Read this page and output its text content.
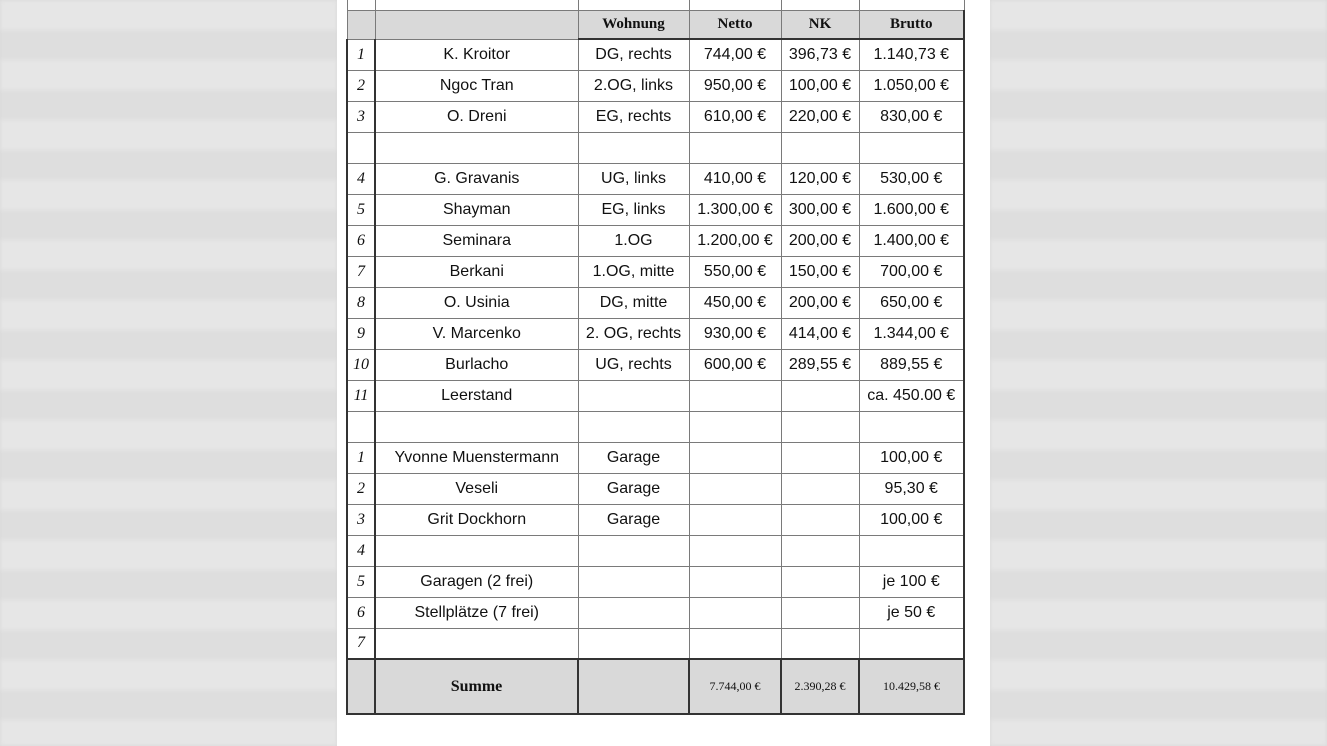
		Wohnung	Netto	NK	Brutto
1	K. Kroitor	DG, rechts	744,00 €	396,73 €	1.140,73 €
2	Ngoc Tran	2.OG, links	950,00 €	100,00 €	1.050,00 €
3	O. Dreni	EG, rechts	610,00 €	220,00 €	830,00 €

4	G. Gravanis	UG, links	410,00 €	120,00 €	530,00 €
5	Shayman	EG, links	1.300,00 €	300,00 €	1.600,00 €
6	Seminara	1.OG	1.200,00 €	200,00 €	1.400,00 €
7	Berkani	1.OG, mitte	550,00 €	150,00 €	700,00 €
8	O. Usinia	DG, mitte	450,00 €	200,00 €	650,00 €
9	V. Marcenko	2. OG, rechts	930,00 €	414,00 €	1.344,00 €
10	Burlacho	UG, rechts	600,00 €	289,55 €	889,55 €
11	Leerstand				ca. 450.00 €

1	Yvonne Muenstermann	Garage			100,00 €
2	Veseli	Garage			95,30 €
3	Grit Dockhorn	Garage			100,00 €
4					
5	Garagen (2 frei)				je 100 €
6	Stellplätze (7 frei)				je 50 €
7					
	Summe		7.744,00 €	2.390,28 €	10.429,58 €
